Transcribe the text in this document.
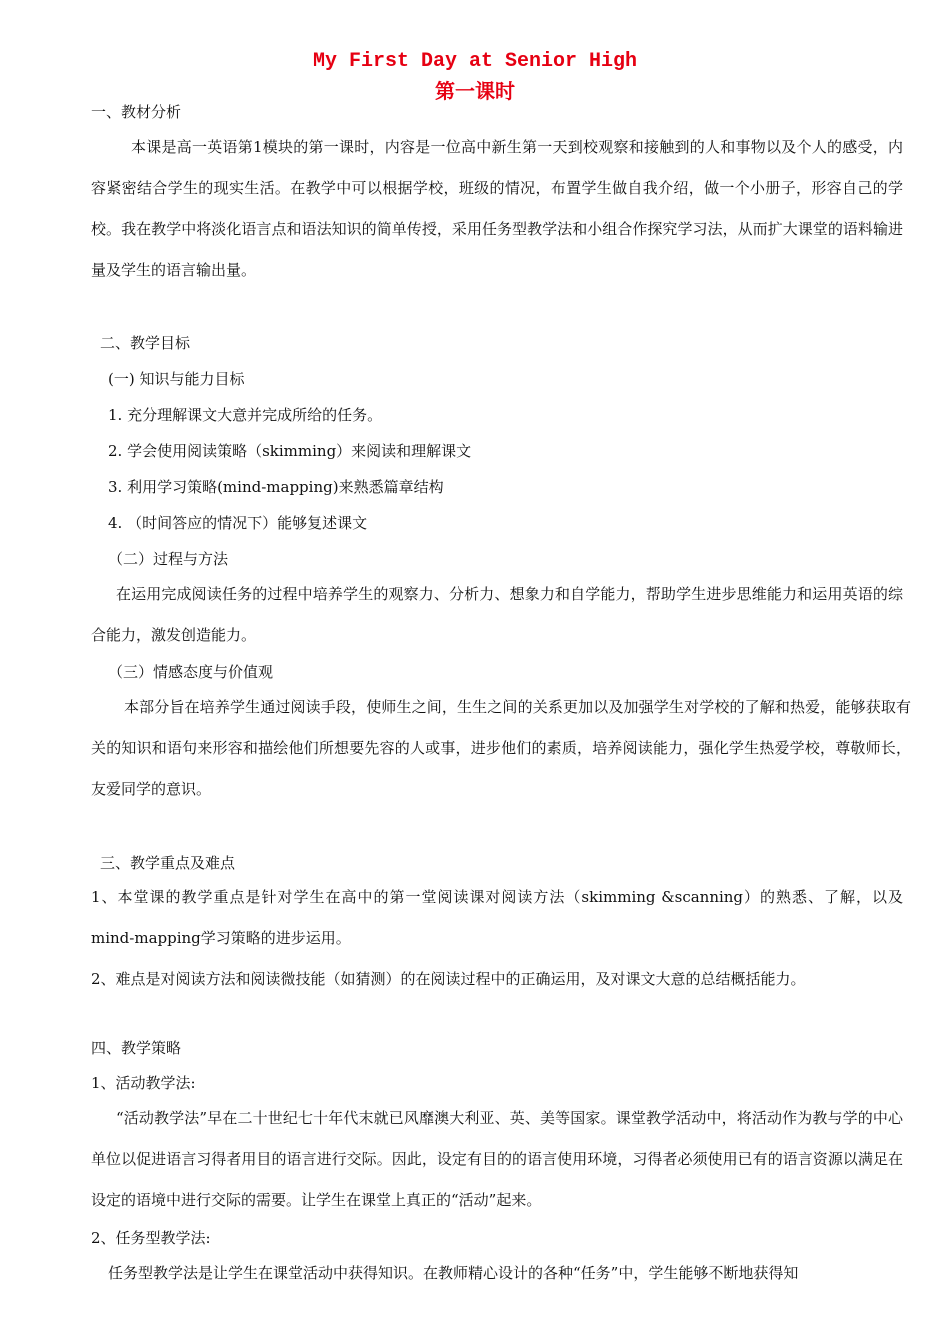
My First Day at Senior High
第一课时
一、教材分析

本课是高一英语第1模块的第一课时，内容是一位高中新生第一天到校观察和接触到的人和事物以及个人的感受，内容紧密结合学生的现实生活。在教学中可以根据学校，班级的情况，布置学生做自我介绍，做一个小册子，形容自己的学校。我在教学中将淡化语言点和语法知识的简单传授，采用任务型教学法和小组合作探究学习法，从而扩大课堂的语料输进量及学生的语言输出量。

二、教学目标
(一) 知识与能力目标
1. 充分理解课文大意并完成所给的任务。
2. 学会使用阅读策略（skimming）来阅读和理解课文
3. 利用学习策略(mind-mapping)来熟悉篇章结构
4. （时间答应的情况下）能够复述课文
（二）过程与方法

在运用完成阅读任务的过程中培养学生的观察力、分析力、想象力和自学能力，帮助学生进步思维能力和运用英语的综合能力，激发创造能力。

（三）情感态度与价值观

本部分旨在培养学生通过阅读手段，使师生之间，生生之间的关系更加以及加强学生对学校的了解和热爱，能够获取有关的知识和语句来形容和描绘他们所想要先容的人或事，进步他们的素质，培养阅读能力，强化学生热爱学校，尊敬师长，友爱同学的意识。

三、教学重点及难点

1、本堂课的教学重点是针对学生在高中的第一堂阅读课对阅读方法（skimming &scanning）的熟悉、了解，以及mind-mapping学习策略的进步运用。

2、难点是对阅读方法和阅读微技能（如猜测）的在阅读过程中的正确运用，及对课文大意的总结概括能力。

四、教学策略
1、活动教学法:

“活动教学法”早在二十世纪七十年代末就已风靡澳大利亚、英、美等国家。课堂教学活动中，将活动作为教与学的中心单位以促进语言习得者用目的语言进行交际。因此，设定有目的的语言使用环境，习得者必须使用已有的语言资源以满足在设定的语境中进行交际的需要。让学生在课堂上真正的“活动”起来。

2、任务型教学法:

任务型教学法是让学生在课堂活动中获得知识。在教师精心设计的各种“任务”中，学生能够不断地获得知
